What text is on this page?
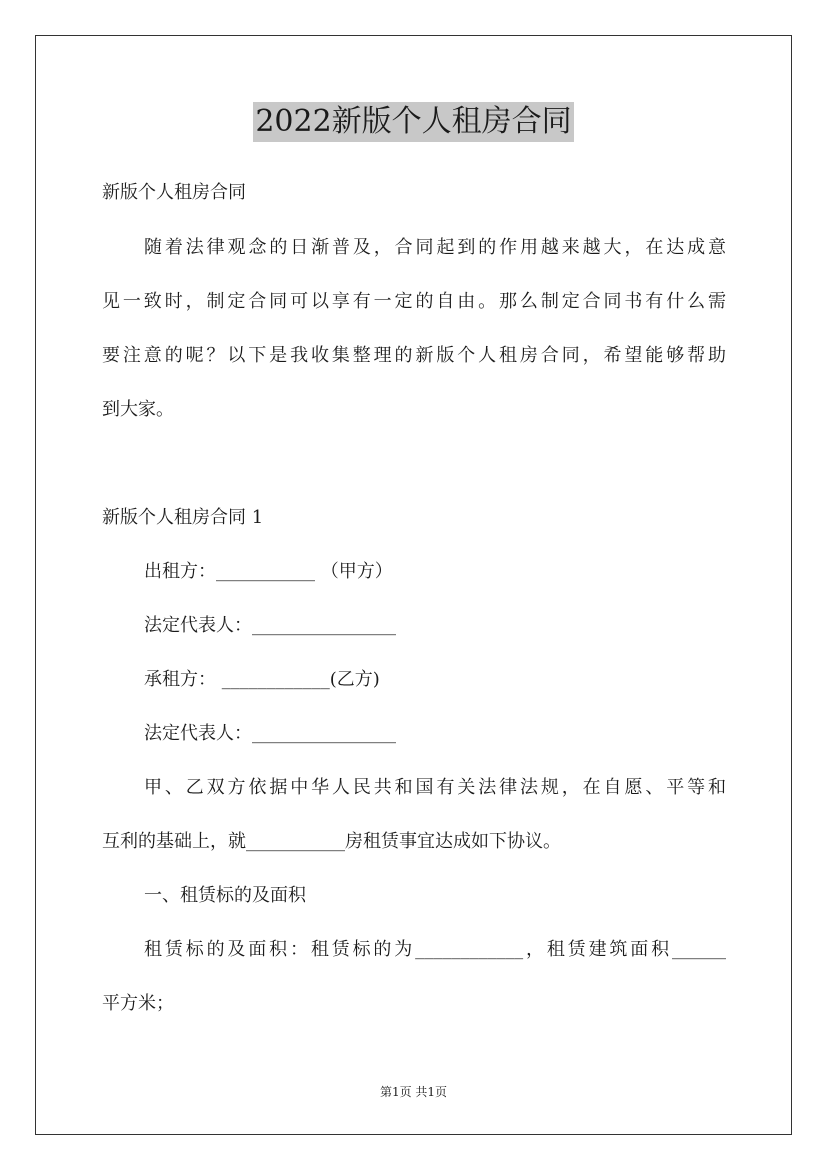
2022新版个人租房合同
新版个人租房合同
随着法律观念的日渐普及，合同起到的作用越来越大，在达成意
见一致时，制定合同可以享有一定的自由。那么制定合同书有什么需
要注意的呢？以下是我收集整理的新版个人租房合同，希望能够帮助
到大家。
新版个人租房合同 1
出租方：___________ （甲方）
法定代表人：________________
承租方： ____________(乙方)
法定代表人：________________
甲、乙双方依据中华人民共和国有关法律法规，在自愿、平等和
互利的基础上，就___________房租赁事宜达成如下协议。
一、租赁标的及面积
租赁标的及面积：租赁标的为____________，租赁建筑面积______
平方米；
第1页 共1页
